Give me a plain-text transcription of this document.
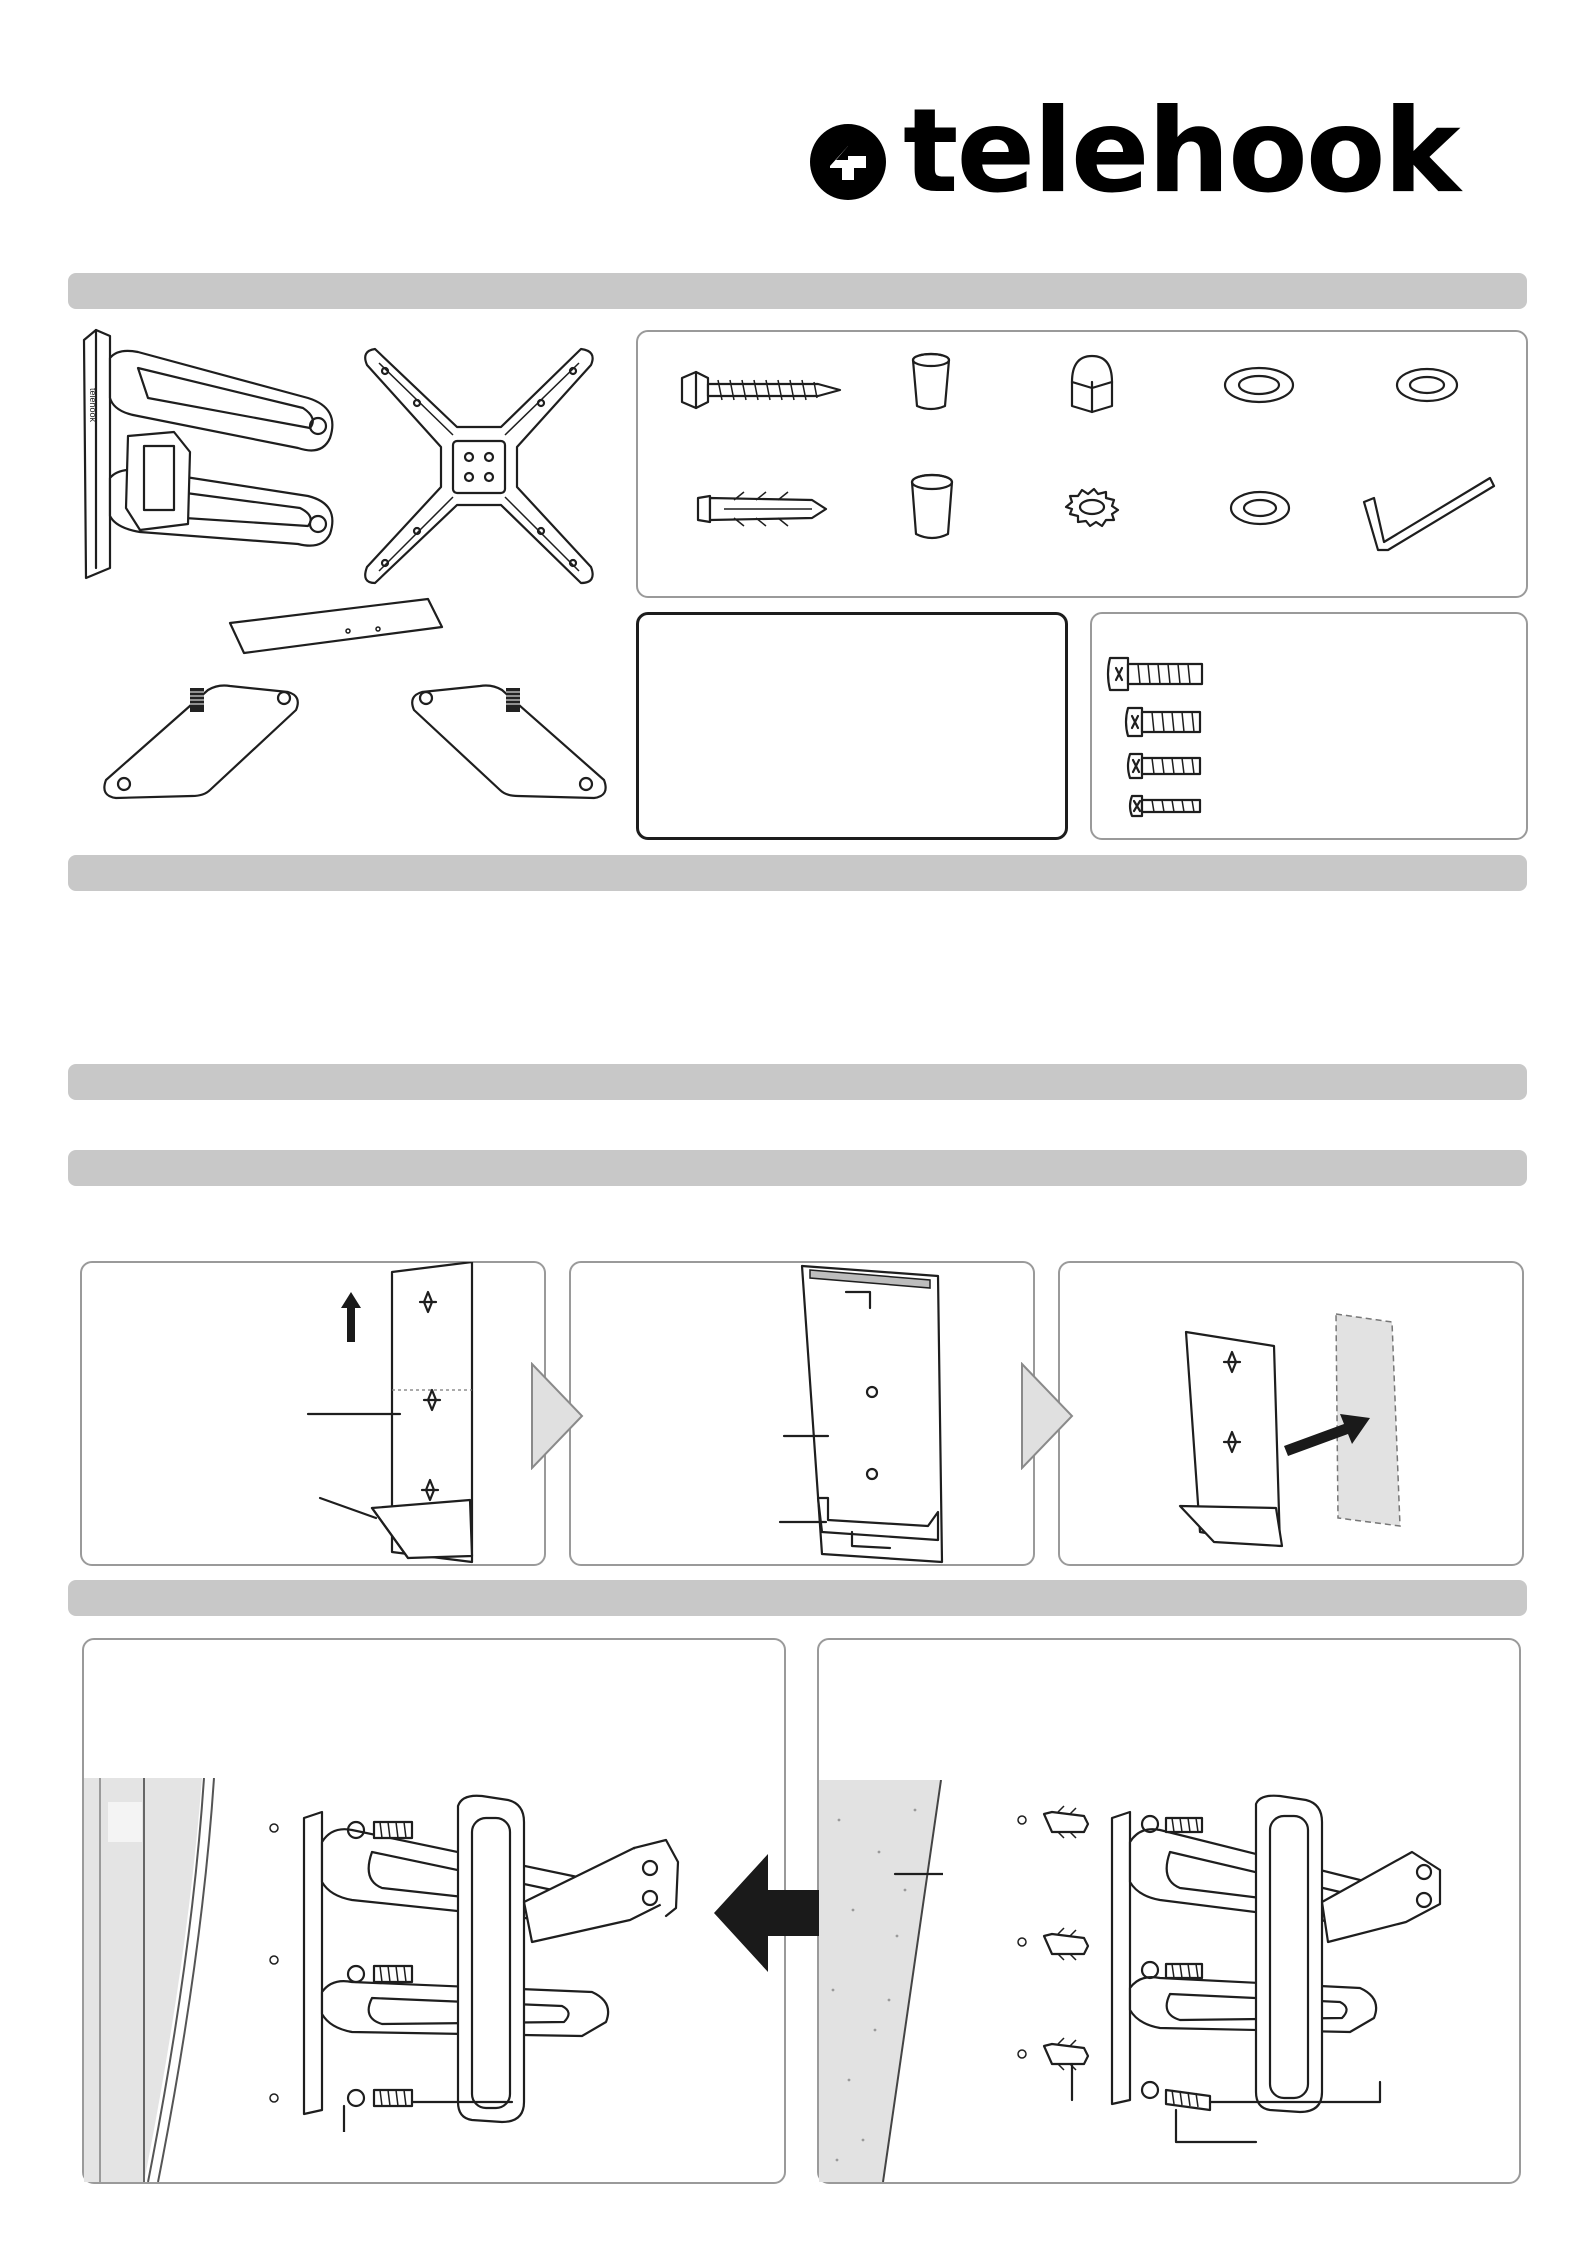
telehook
telehook
